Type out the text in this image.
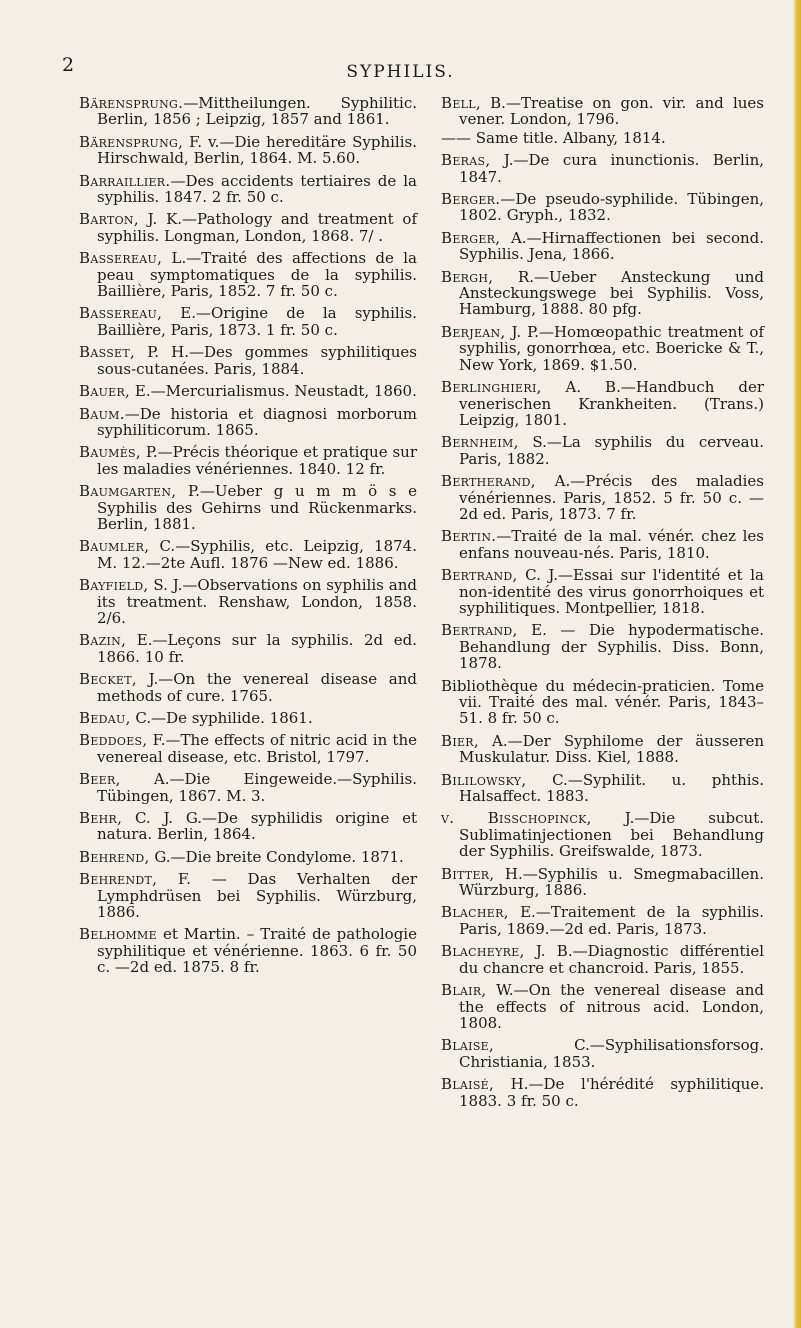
2	SYPHILIS.

Bärensprung.—Mittheilungen. Syphilitic. Berlin, 1856 ; Leipzig, 1857 and 1861.

Bärensprung, F. v.—Die hereditäre Syphilis. Hirschwald, Berlin, 1864. M. 5.60.

Barraillier.—Des accidents tertiaires de la syphilis. 1847. 2 fr. 50 c.

Barton, J. K.—Pathology and treatment of syphilis. Longman, London, 1868. 7/ .

Bassereau, L.—Traité des affections de la peau symptomatiques de la syphilis. Baillière, Paris, 1852. 7 fr. 50 c.

Bassereau, E.—Origine de la syphilis. Baillière, Paris, 1873. 1 fr. 50 c.

Basset, P. H.—Des gommes syphilitiques sous-cutanées. Paris, 1884.

Bauer, E.—Mercurialismus. Neustadt, 1860.

Baum.—De historia et diagnosi morborum syphiliticorum. 1865.

Baumès, P.—Précis théorique et pratique sur les maladies vénériennes. 1840. 12 fr.

Baumgarten, P.—Ueber g u m m ö s e Syphilis des Gehirns und Rückenmarks. Berlin, 1881.

Baumler, C.—Syphilis, etc. Leipzig, 1874. M. 12.—2te Aufl. 1876 —New ed. 1886.

Bayfield, S. J.—Observations on syphilis and its treatment. Renshaw, London, 1858. 2/6.

Bazin, E.—Leçons sur la syphilis. 2d ed. 1866. 10 fr.

Becket, J.—On the venereal disease and methods of cure. 1765.

Bedau, C.—De syphilide. 1861.

Beddoes, F.—The effects of nitric acid in the venereal disease, etc. Bristol, 1797.

Beer, A.—Die Eingeweide.—Syphilis. Tübingen, 1867. M. 3.

Behr, C. J. G.—De syphilidis origine et natura. Berlin, 1864.

Behrend, G.—Die breite Condylome. 1871.

Behrendt, F. — Das Verhalten der Lymphdrüsen bei Syphilis. Würzburg, 1886.

Belhomme et Martin. – Traité de pathologie syphilitique et vénérienne. 1863. 6 fr. 50 c. —2d ed. 1875. 8 fr.

Bell, B.—Treatise on gon. vir. and lues vener. London, 1796.

—— Same title. Albany, 1814.

Beras, J.—De cura inunctionis. Berlin, 1847.

Berger.—De pseudo-syphilide. Tübingen, 1802. Gryph., 1832.

Berger, A.—Hirnaffectionen bei second. Syphilis. Jena, 1866.

Bergh, R.—Ueber Ansteckung und Ansteckungswege bei Syphilis. Voss, Hamburg, 1888. 80 pfg.

Berjean, J. P.—Homœopathic treatment of syphilis, gonorrhœa, etc. Boericke & T., New York, 1869. $1.50.

Berlinghieri, A. B.—Handbuch der venerischen Krankheiten. (Trans.) Leipzig, 1801.

Bernheim, S.—La syphilis du cerveau. Paris, 1882.

Bertherand, A.—Précis des maladies vénériennes. Paris, 1852. 5 fr. 50 c. —2d ed. Paris, 1873. 7 fr.

Bertin.—Traité de la mal. vénér. chez les enfans nouveau-nés. Paris, 1810.

Bertrand, C. J.—Essai sur l'identité et la non-identité des virus gonorrhoiques et syphilitiques. Montpellier, 1818.

Bertrand, E. — Die hypodermatische. Behandlung der Syphilis. Diss. Bonn, 1878.

Bibliothèque du médecin-praticien. Tome vii. Traité des mal. vénér. Paris, 1843–51. 8 fr. 50 c.

Bier, A.—Der Syphilome der äusseren Muskulatur. Diss. Kiel, 1888.

Bililowsky, C.—Syphilit. u. phthis. Halsaffect. 1883.

v. Bisschopinck, J.—Die subcut. Sublimatinjectionen bei Behandlung der Syphilis. Greifswalde, 1873.

Bitter, H.—Syphilis u. Smegmabacillen. Würzburg, 1886.

Blacher, E.—Traitement de la syphilis. Paris, 1869.—2d ed. Paris, 1873.

Blacheyre, J. B.—Diagnostic différentiel du chancre et chancroid. Paris, 1855.

Blair, W.—On the venereal disease and the effects of nitrous acid. London, 1808.

Blaise, C.—Syphilisationsforsog. Christiania, 1853.

Blaisé, H.—De l'hérédité syphilitique. 1883. 3 fr. 50 c.
